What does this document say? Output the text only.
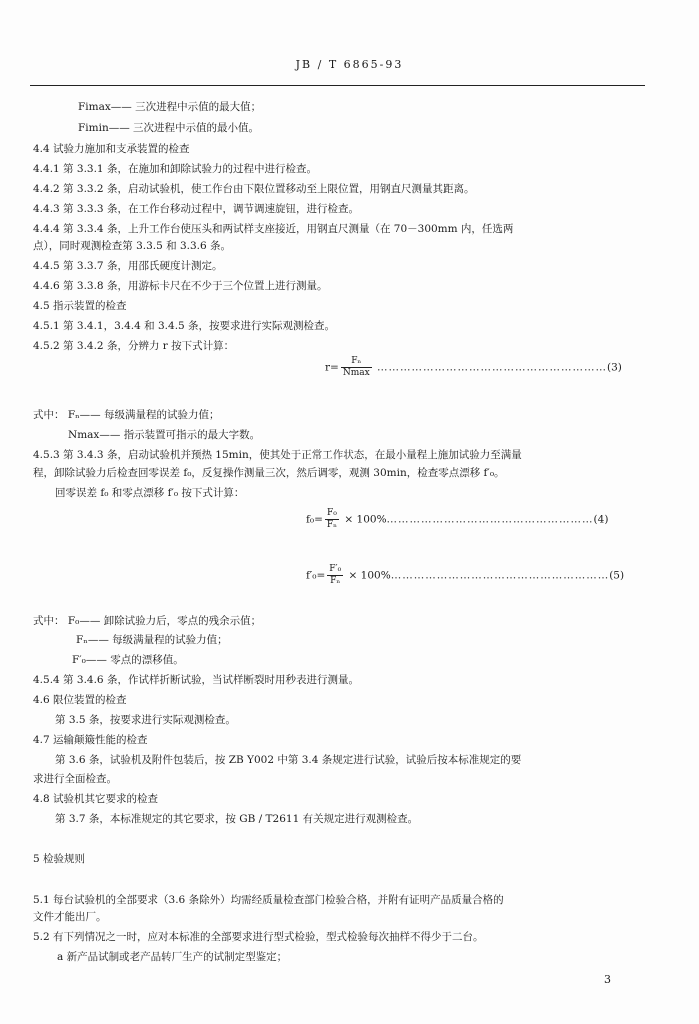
JB / T 6865-93
Fimax—— 三次进程中示值的最大值；
Fimin—— 三次进程中示值的最小值。
4.4 试验力施加和支承装置的检查
4.4.1 第 3.3.1 条，在施加和卸除试验力的过程中进行检查。
4.4.2 第 3.3.2 条，启动试验机，使工作台由下限位置移动至上限位置，用钢直尺测量其距离。
4.4.3 第 3.3.3 条，在工作台移动过程中，调节调速旋钮，进行检查。
4.4.4 第 3.3.4 条，上升工作台使压头和两试样支座接近，用钢直尺测量（在 70－300mm 内，任选两
点），同时观测检查第 3.3.5 和 3.3.6 条。
4.4.5 第 3.3.7 条，用邵氏硬度计测定。
4.4.6 第 3.3.8 条，用游标卡尺在不少于三个位置上进行测量。
4.5 指示装置的检查
4.5.1 第 3.4.1，3.4.4 和 3.4.5 条，按要求进行实际观测检查。
4.5.2 第 3.4.2 条，分辨力 r 按下式计算：
$r= \frac{\text{Fₙ}}{Nmax}$ ……………………………………………………(3)
式中： Fₙ—— 每级满量程的试验力值；
Nmax—— 指示装置可指示的最大字数。
4.5.3 第 3.4.3 条，启动试验机并预热 15min，使其处于正常工作状态，在最小量程上施加试验力至满量
程，卸除试验力后检查回零误差 f₀，反复操作测量三次，然后调零，观测 30min，检查零点漂移 f′₀。
回零误差 f₀ 和零点漂移 f′₀ 按下式计算：
$f_0= \frac{\text{F₀}}{\text{Fₙ}}$ × 100%………………………………………………(4)
$f'_0= \frac{\text{F′₀}}{\text{Fₙ}}$ × 100%…………………………………………………(5)
式中： F₀—— 卸除试验力后，零点的残余示值；
Fₙ—— 每级满量程的试验力值；
F′₀—— 零点的漂移值。
4.5.4 第 3.4.6 条，作试样折断试验，当试样断裂时用秒表进行测量。
4.6 限位装置的检查
第 3.5 条，按要求进行实际观测检查。
4.7 运输颠簸性能的检查
第 3.6 条，试验机及附件包装后，按 ZB Y002 中第 3.4 条规定进行试验，试验后按本标准规定的要
求进行全面检查。
4.8 试验机其它要求的检查
第 3.7 条，本标准规定的其它要求，按 GB / T2611 有关规定进行观测检查。
5 检验规则
5.1 每台试验机的全部要求（3.6 条除外）均需经质量检查部门检验合格，并附有证明产品质量合格的
文件才能出厂。
5.2 有下列情况之一时，应对本标准的全部要求进行型式检验，型式检验每次抽样不得少于二台。
a 新产品试制或老产品转厂生产的试制定型鉴定；
3
